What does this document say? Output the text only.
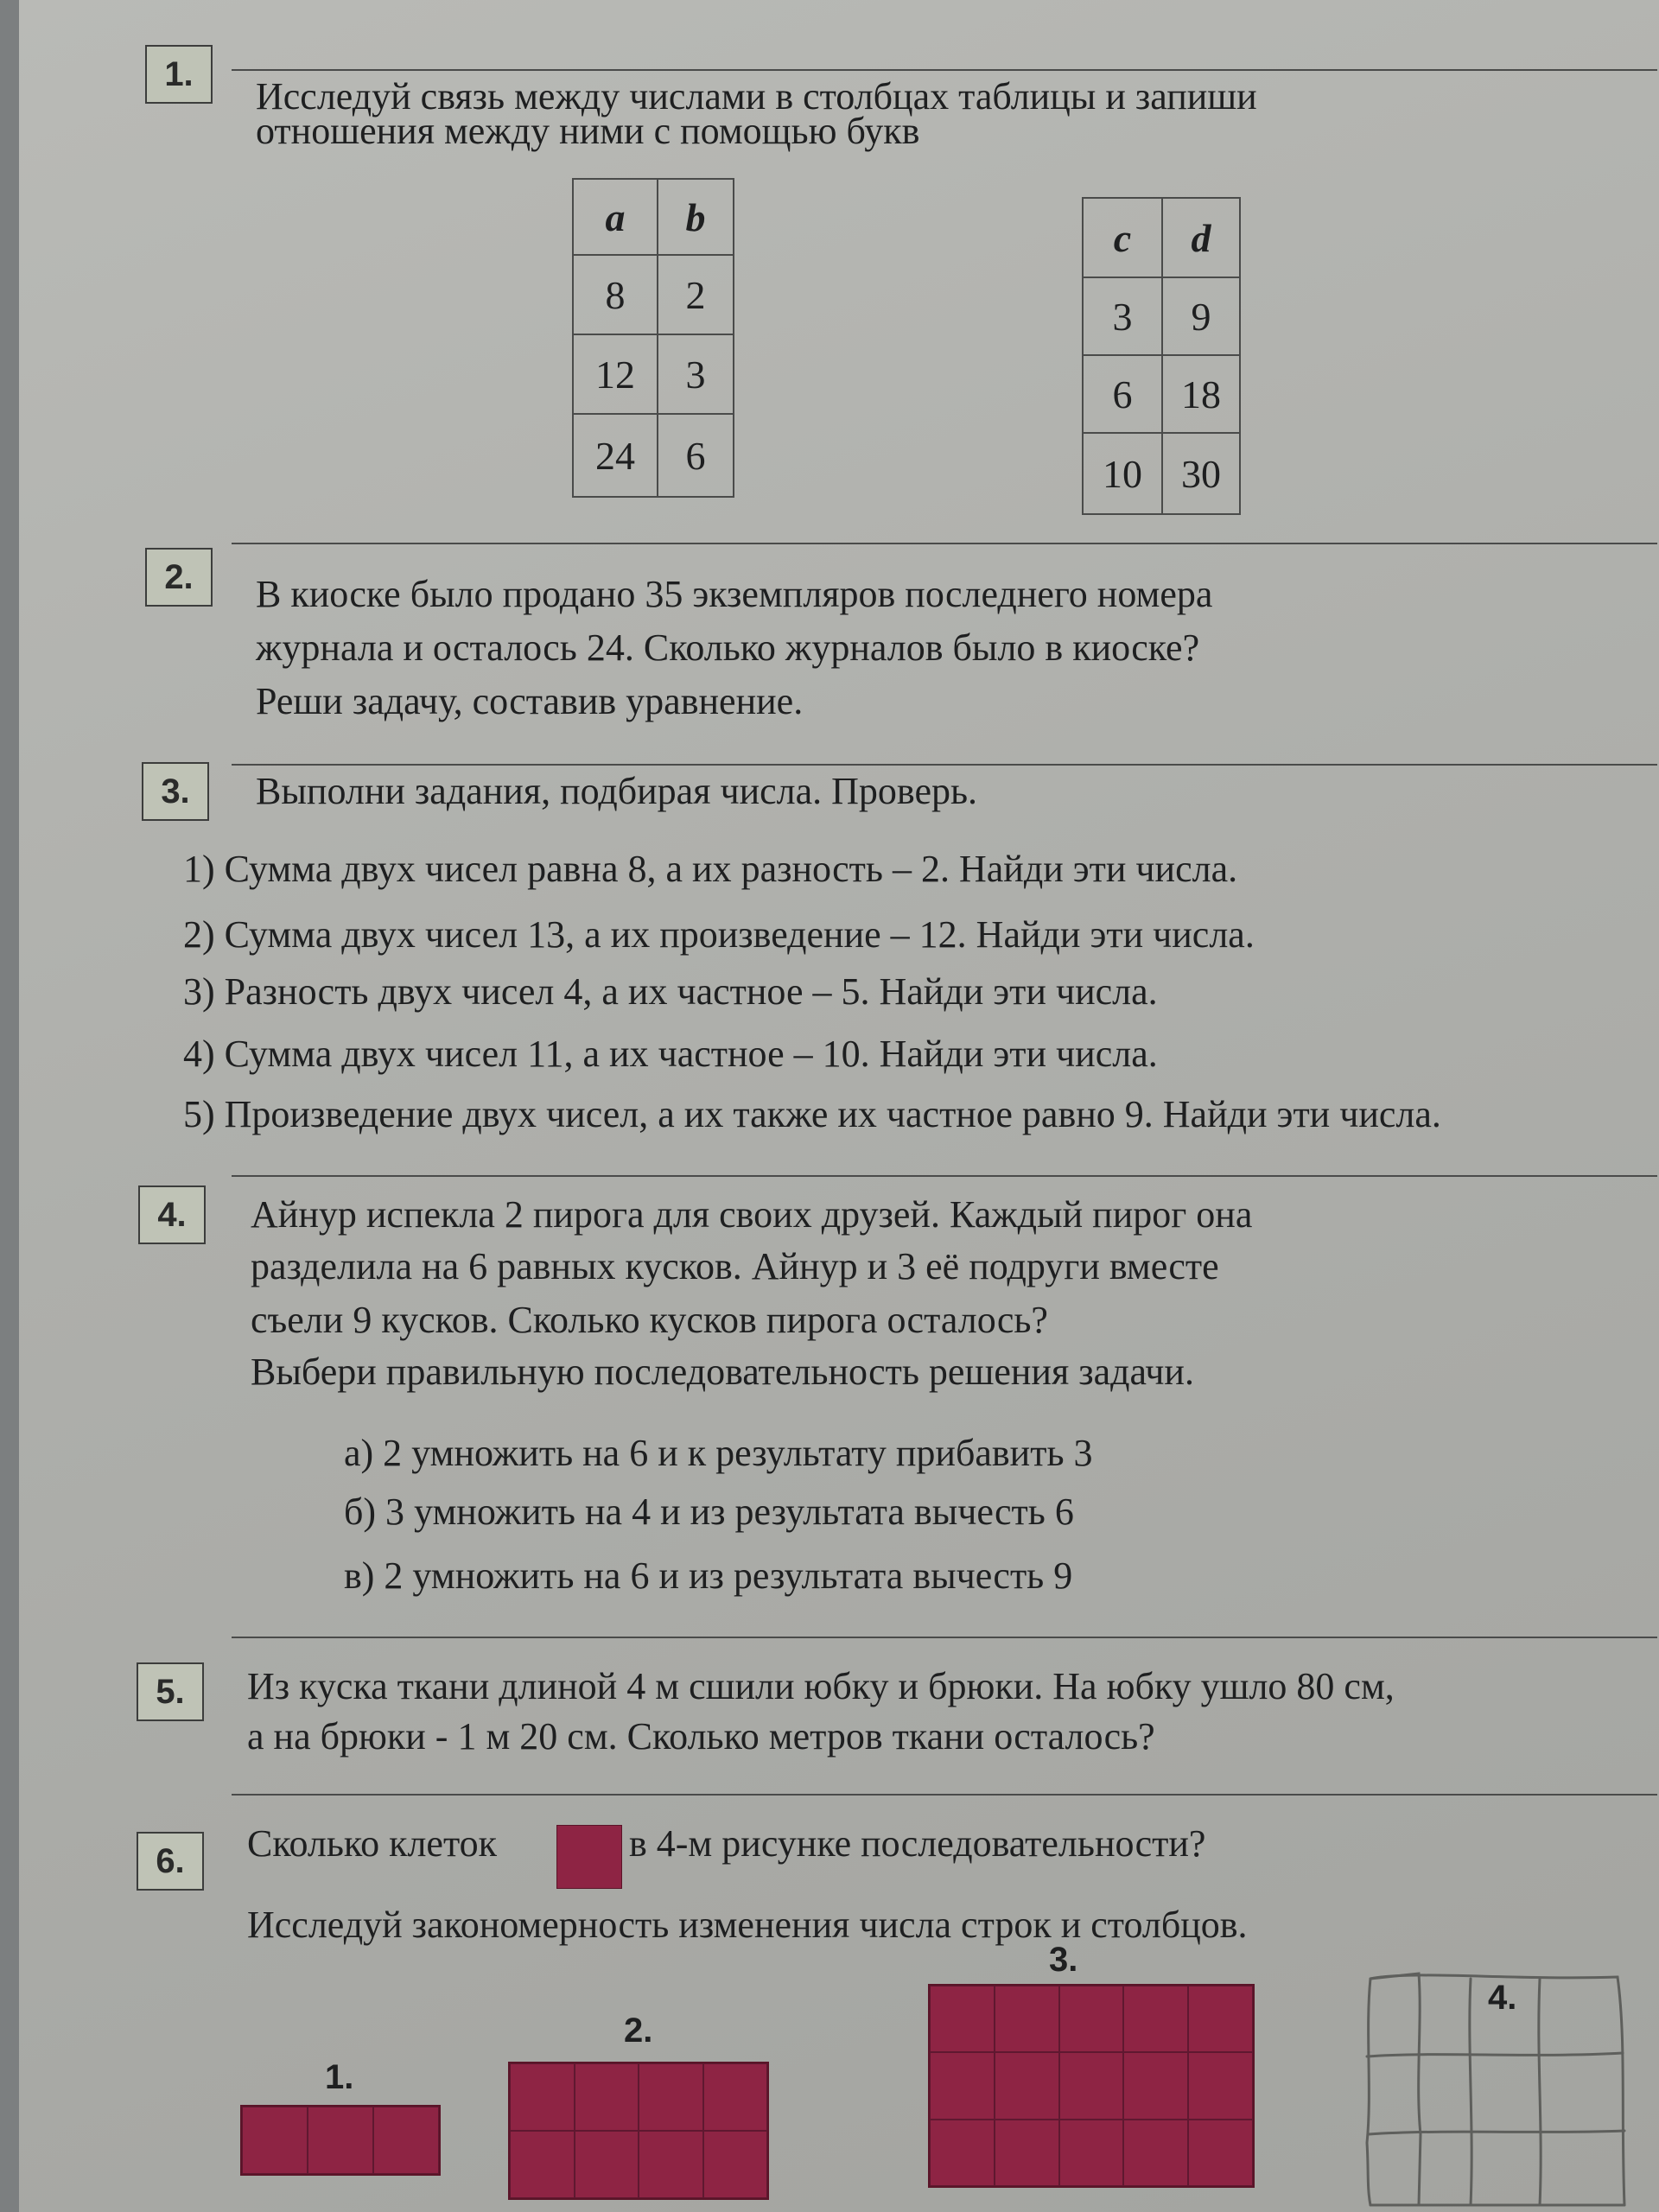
1.
Исследуй связь между числами в столбцах таблицы и запиши
отношения между ними с помощью букв
a	b
8	2
12	3
24	6
c	d
3	9
6	18
10	30
2.	В киоске было продано 35 экземпляров последнего номера
журнала и осталось 24. Сколько журналов было в киоске?
Реши задачу, составив уравнение.
3.	Выполни задания, подбирая числа. Проверь.
1) Сумма двух чисел равна 8, а их разность – 2. Найди эти числа.
2) Сумма двух чисел 13, а их произведение – 12. Найди эти числа.
3) Разность двух чисел 4, а их частное – 5. Найди эти числа.
4) Сумма двух чисел 11, а их частное – 10. Найди эти числа.
5) Произведение двух чисел, а их также их частное равно 9. Найди эти числа.
4.	Айнур испекла 2 пирога для своих друзей. Каждый пирог она
разделила на 6 равных кусков. Айнур и 3 её подруги вместе
съели 9 кусков. Сколько кусков пирога осталось?
Выбери правильную последовательность решения задачи.
а) 2 умножить на 6 и к результату прибавить 3
б) 3 умножить на 4 и из результата вычесть 6
в) 2 умножить на 6 и из результата вычесть 9
5.	Из куска ткани длиной 4 м сшили юбку и брюки. На юбку ушло 80 см,
а на брюки - 1 м 20 см. Сколько метров ткани осталось?
6.	Сколько клеток	в 4-м рисунке последовательности?
Исследуй закономерность изменения числа строк и столбцов.
1.
2.
3.
4.
